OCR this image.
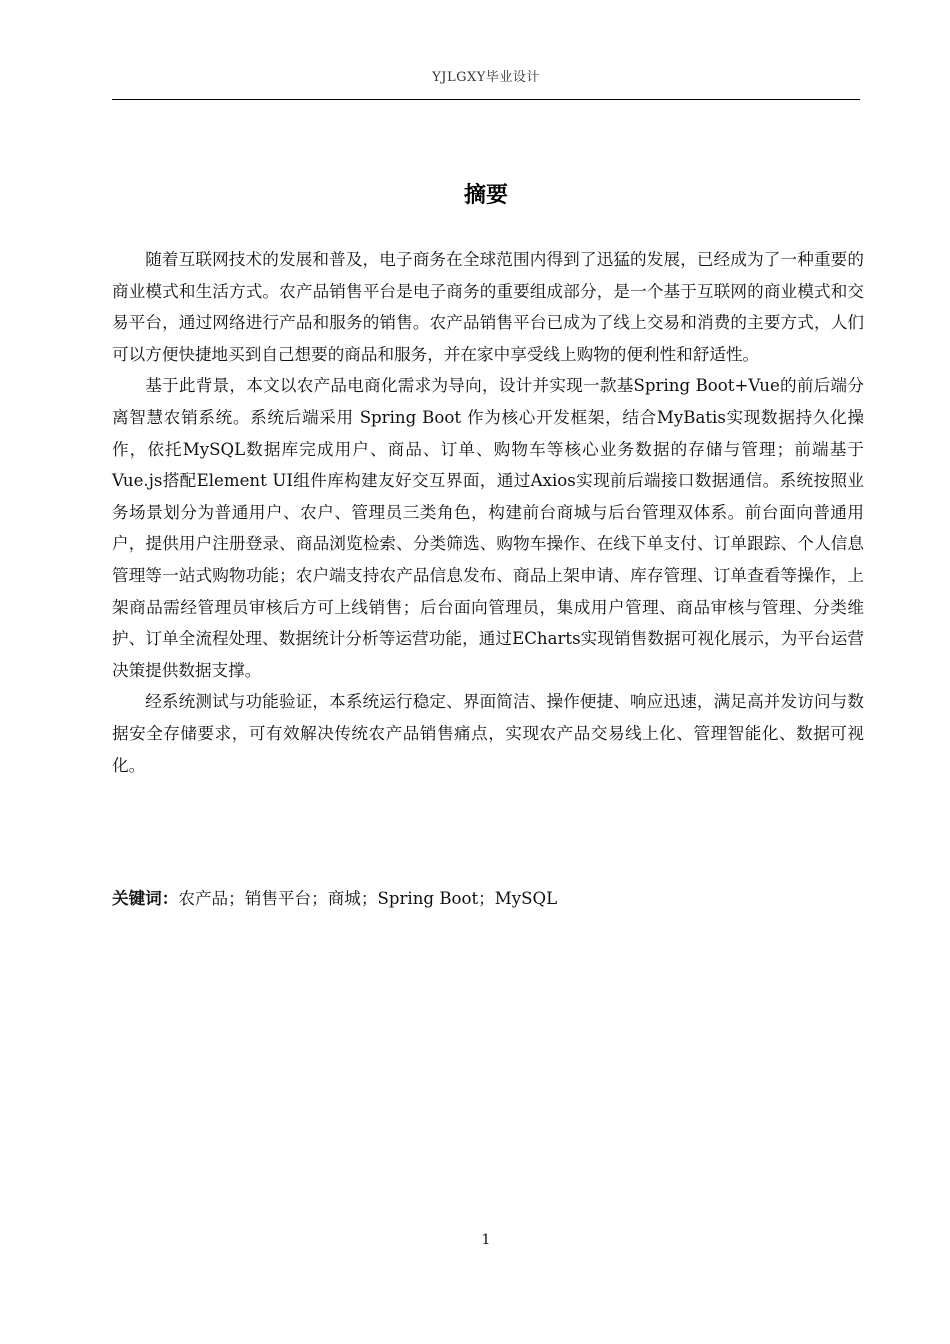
YJLGXY毕业设计
摘要

随着互联网技术的发展和普及，电子商务在全球范围内得到了迅猛的发展，已经成为了一种重要的商业模式和生活方式。农产品销售平台是电子商务的重要组成部分，是一个基于互联网的商业模式和交易平台，通过网络进行产品和服务的销售。农产品销售平台已成为了线上交易和消费的主要方式，人们可以方便快捷地买到自己想要的商品和服务，并在家中享受线上购物的便利性和舒适性。

基于此背景，本文以农产品电商化需求为导向，设计并实现一款基Spring Boot+Vue的前后端分离智慧农销系统。系统后端采用 Spring Boot 作为核心开发框架，结合MyBatis实现数据持久化操作，依托MySQL数据库完成用户、商品、订单、购物车等核心业务数据的存储与管理；前端基于Vue.js搭配Element UI组件库构建友好交互界面，通过Axios实现前后端接口数据通信。系统按照业务场景划分为普通用户、农户、管理员三类角色，构建前台商城与后台管理双体系。前台面向普通用户，提供用户注册登录、商品浏览检索、分类筛选、购物车操作、在线下单支付、订单跟踪、个人信息管理等一站式购物功能；农户端支持农产品信息发布、商品上架申请、库存管理、订单查看等操作，上架商品需经管理员审核后方可上线销售；后台面向管理员，集成用户管理、商品审核与管理、分类维护、订单全流程处理、数据统计分析等运营功能，通过ECharts实现销售数据可视化展示，为平台运营决策提供数据支撑。

经系统测试与功能验证，本系统运行稳定、界面简洁、操作便捷、响应迅速，满足高并发访问与数据安全存储要求，可有效解决传统农产品销售痛点，实现农产品交易线上化、管理智能化、数据可视化。

关键词：农产品；销售平台；商城；Spring Boot；MySQL
1
